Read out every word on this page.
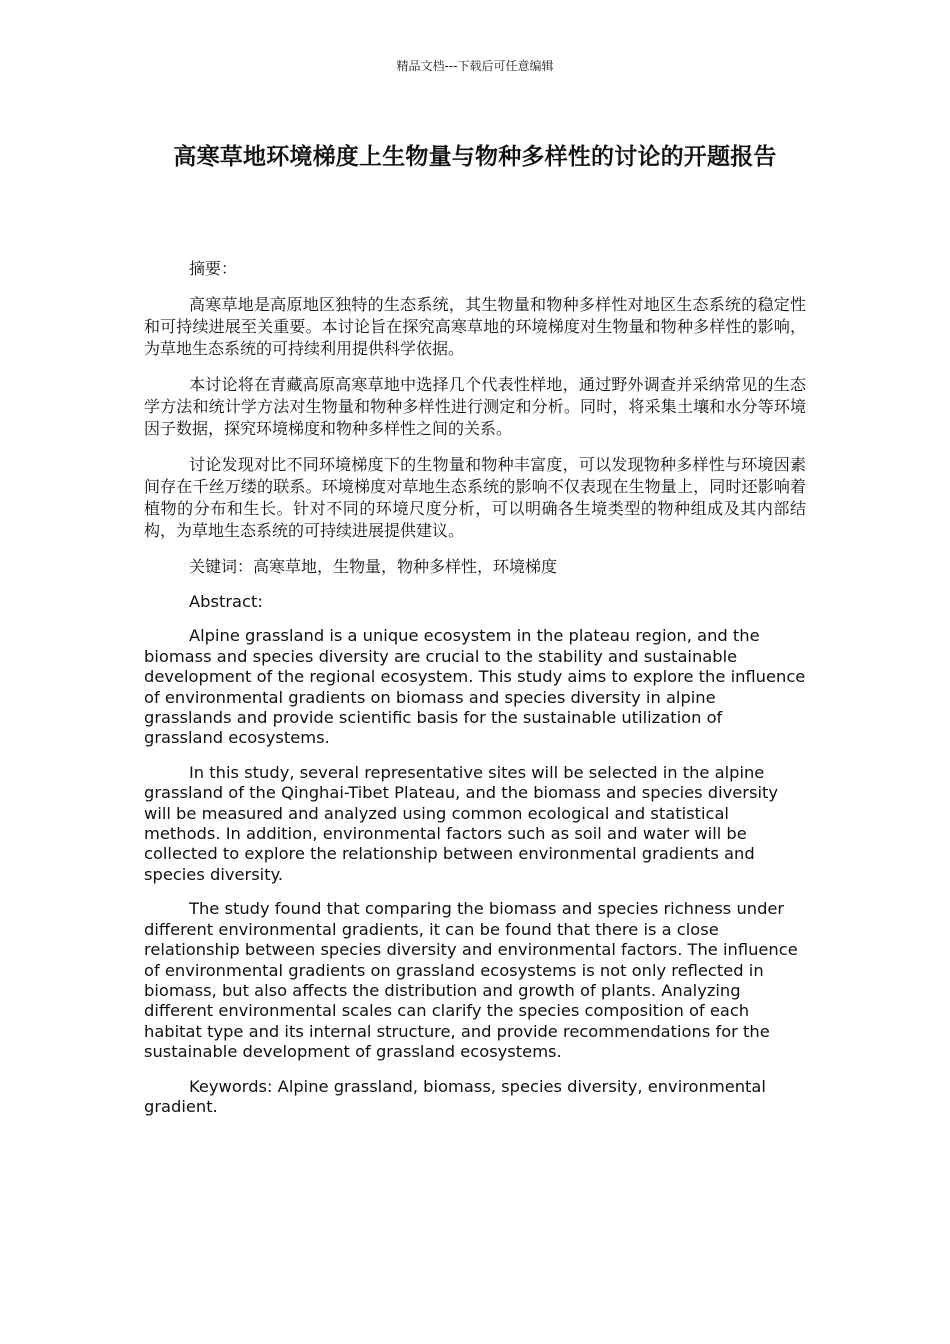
精品文档---下载后可任意编辑
高寒草地环境梯度上生物量与物种多样性的讨论的开题报告

摘要：

高寒草地是高原地区独特的生态系统，其生物量和物种多样性对地区生态系统的稳定性和可持续进展至关重要。本讨论旨在探究高寒草地的环境梯度对生物量和物种多样性的影响，为草地生态系统的可持续利用提供科学依据。

本讨论将在青藏高原高寒草地中选择几个代表性样地，通过野外调查并采纳常见的生态学方法和统计学方法对生物量和物种多样性进行测定和分析。同时，将采集土壤和水分等环境因子数据，探究环境梯度和物种多样性之间的关系。

讨论发现对比不同环境梯度下的生物量和物种丰富度，可以发现物种多样性与环境因素间存在千丝万缕的联系。环境梯度对草地生态系统的影响不仅表现在生物量上，同时还影响着植物的分布和生长。针对不同的环境尺度分析，可以明确各生境类型的物种组成及其内部结构，为草地生态系统的可持续进展提供建议。

关键词：高寒草地，生物量，物种多样性，环境梯度

Abstract:

Alpine grassland is a unique ecosystem in the plateau region, and the biomass and species diversity are crucial to the stability and sustainable development of the regional ecosystem. This study aims to explore the influence of environmental gradients on biomass and species diversity in alpine grasslands and provide scientific basis for the sustainable utilization of grassland ecosystems.

In this study, several representative sites will be selected in the alpine grassland of the Qinghai-Tibet Plateau, and the biomass and species diversity will be measured and analyzed using common ecological and statistical methods. In addition, environmental factors such as soil and water will be collected to explore the relationship between environmental gradients and species diversity.

The study found that comparing the biomass and species richness under different environmental gradients, it can be found that there is a close relationship between species diversity and environmental factors. The influence of environmental gradients on grassland ecosystems is not only reflected in biomass, but also affects the distribution and growth of plants. Analyzing different environmental scales can clarify the species composition of each habitat type and its internal structure, and provide recommendations for the sustainable development of grassland ecosystems.

Keywords: Alpine grassland, biomass, species diversity, environmental gradient.
